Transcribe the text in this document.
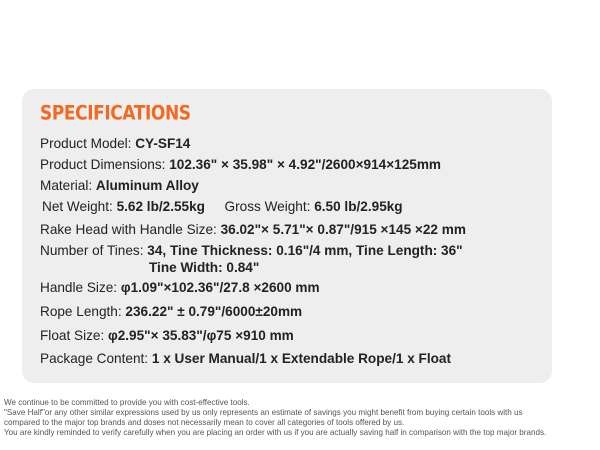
SPECIFICATIONS
Product Model: CY-SF14
Product Dimensions: 102.36" × 35.98" × 4.92"/2600×914×125mm
Material: Aluminum Alloy
Net Weight: 5.62 lb/2.55kg Gross Weight: 6.50 lb/2.95kg
Rake Head with Handle Size: 36.02"× 5.71"× 0.87"/915 ×145 ×22 mm
Number of Tines: 34, Tine Thickness: 0.16"/4 mm, Tine Length: 36"
Tine Width: 0.84"
Handle Size: φ1.09"×102.36"/27.8 ×2600 mm
Rope Length: 236.22" ± 0.79"/6000±20mm
Float Size: φ2.95"× 35.83"/φ75 ×910 mm
Package Content: 1 x User Manual/1 x Extendable Rope/1 x Float
We continue to be committed to provide you with cost-effective tools.
"Save Half"or any other similar expressions used by us only represents an estimate of savings you might benefit from buying certain tools with us
compared to the major top brands and doses not necessarily mean to cover all categories of tools offered by us.
You are kindly reminded to verify carefully when you are placing an order with us if you are actually saving half in comparison with the top major brands.
